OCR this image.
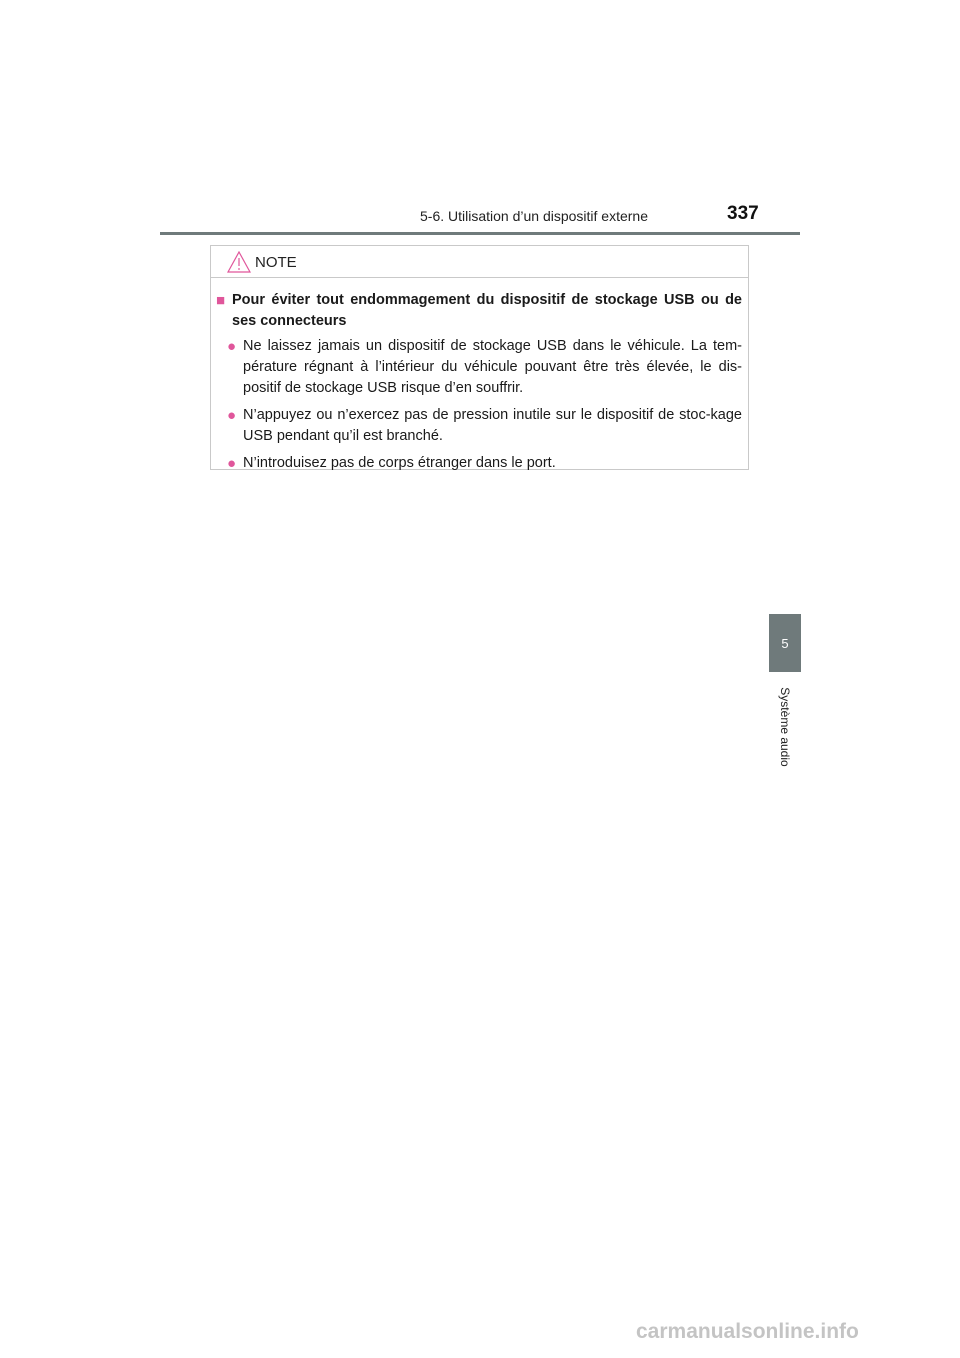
5-6. Utilisation d’un dispositif externe	337
5
Système audio
NOTE
■ Pour éviter tout endommagement du dispositif de stockage USB ou de ses connecteurs
● Ne laissez jamais un dispositif de stockage USB dans le véhicule. La tem-pérature régnant à l’intérieur du véhicule pouvant être très élevée, le dis-positif de stockage USB risque d’en souffrir.
● N’appuyez ou n’exercez pas de pression inutile sur le dispositif de stoc-kage USB pendant qu’il est branché.
● N’introduisez pas de corps étranger dans le port.
carmanualsonline.info
